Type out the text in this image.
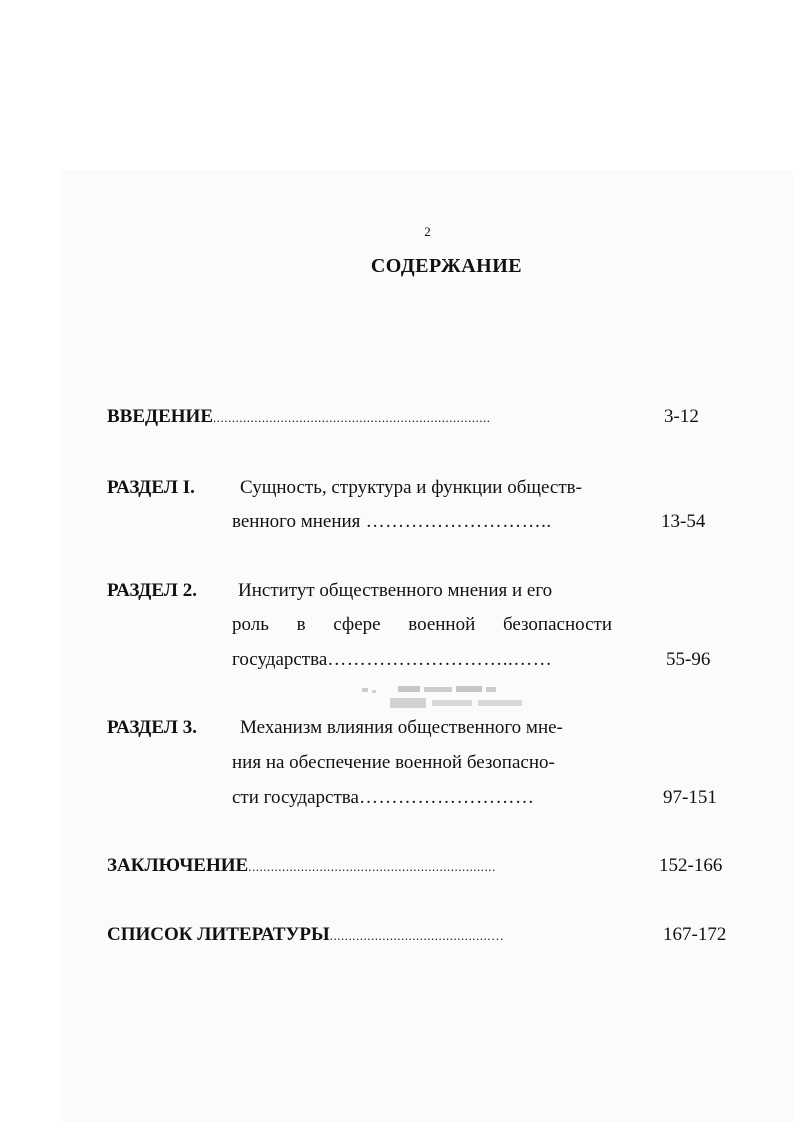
2
СОДЕРЖАНИЕ
ВВЕДЕНИЕ..........................................................................	3-12
РАЗДЕЛ I. Сущность, структура и функции обществ-
венного мнения ………………………..	13-54
РАЗДЕЛ 2. Институт общественного мнения и его
роль в сфере военной безопасности
государства………………………..……	55-96
РАЗДЕЛ 3. Механизм влияния общественного мне-
ния на обеспечение военной безопасно-
сти государства………………………	97-151
ЗАКЛЮЧЕНИЕ..................................................................	152-166
СПИСОК ЛИТЕРАТУРЫ...........................................…	167-172
